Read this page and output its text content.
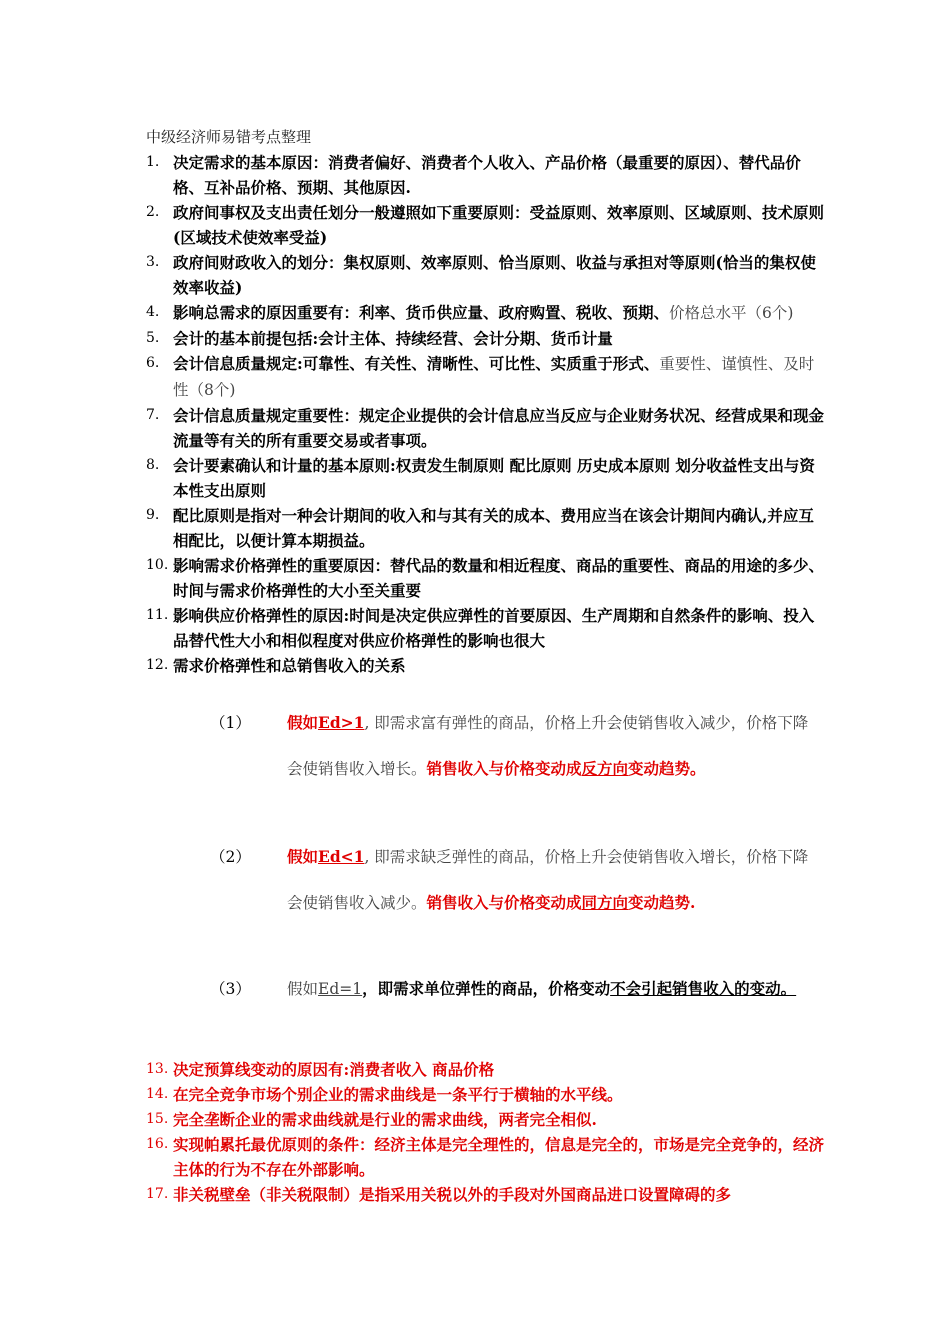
中级经济师易错考点整理
1. 决定需求的基本原因：消费者偏好、消费者个人收入、产品价格（最重要的原因）、替代品价格、互补品价格、预期、其他原因.
2. 政府间事权及支出责任划分一般遵照如下重要原则：受益原则、效率原则、区域原则、技术原则(区域技术使效率受益)
3. 政府间财政收入的划分：集权原则、效率原则、恰当原则、收益与承担对等原则(恰当的集权使效率收益)
4. 影响总需求的原因重要有：利率、货币供应量、政府购置、税收、预期、价格总水平（6个)
5. 会计的基本前提包括:会计主体、持续经营、会计分期、货币计量
6. 会计信息质量规定:可靠性、有关性、清晰性、可比性、实质重于形式、重要性、谨慎性、及时性（8个)
7. 会计信息质量规定重要性：规定企业提供的会计信息应当反应与企业财务状况、经营成果和现金流量等有关的所有重要交易或者事项。
8. 会计要素确认和计量的基本原则:权责发生制原则 配比原则 历史成本原则 划分收益性支出与资本性支出原则
9. 配比原则是指对一种会计期间的收入和与其有关的成本、费用应当在该会计期间内确认,并应互相配比，以便计算本期损益。
10. 影响需求价格弹性的重要原因：替代品的数量和相近程度、商品的重要性、商品的用途的多少、时间与需求价格弹性的大小至关重要
11. 影响供应价格弹性的原因:时间是决定供应弹性的首要原因、生产周期和自然条件的影响、投入品替代性大小和相似程度对供应价格弹性的影响也很大
12. 需求价格弹性和总销售收入的关系
（1） 假如Ed>1, 即需求富有弹性的商品，价格上升会使销售收入减少，价格下降会使销售收入增长。销售收入与价格变动成反方向变动趋势。
（2） 假如Ed<1, 即需求缺乏弹性的商品，价格上升会使销售收入增长，价格下降会使销售收入减少。销售收入与价格变动成同方向变动趋势.
（3） 假如Ed=1，即需求单位弹性的商品，价格变动不会引起销售收入的变动。
13. 决定预算线变动的原因有:消费者收入 商品价格
14. 在完全竞争市场个别企业的需求曲线是一条平行于横轴的水平线。
15. 完全垄断企业的需求曲线就是行业的需求曲线，两者完全相似.
16. 实现帕累托最优原则的条件：经济主体是完全理性的，信息是完全的，市场是完全竞争的，经济主体的行为不存在外部影响。
17. 非关税壁垒（非关税限制）是指采用关税以外的手段对外国商品进口设置障碍的多
